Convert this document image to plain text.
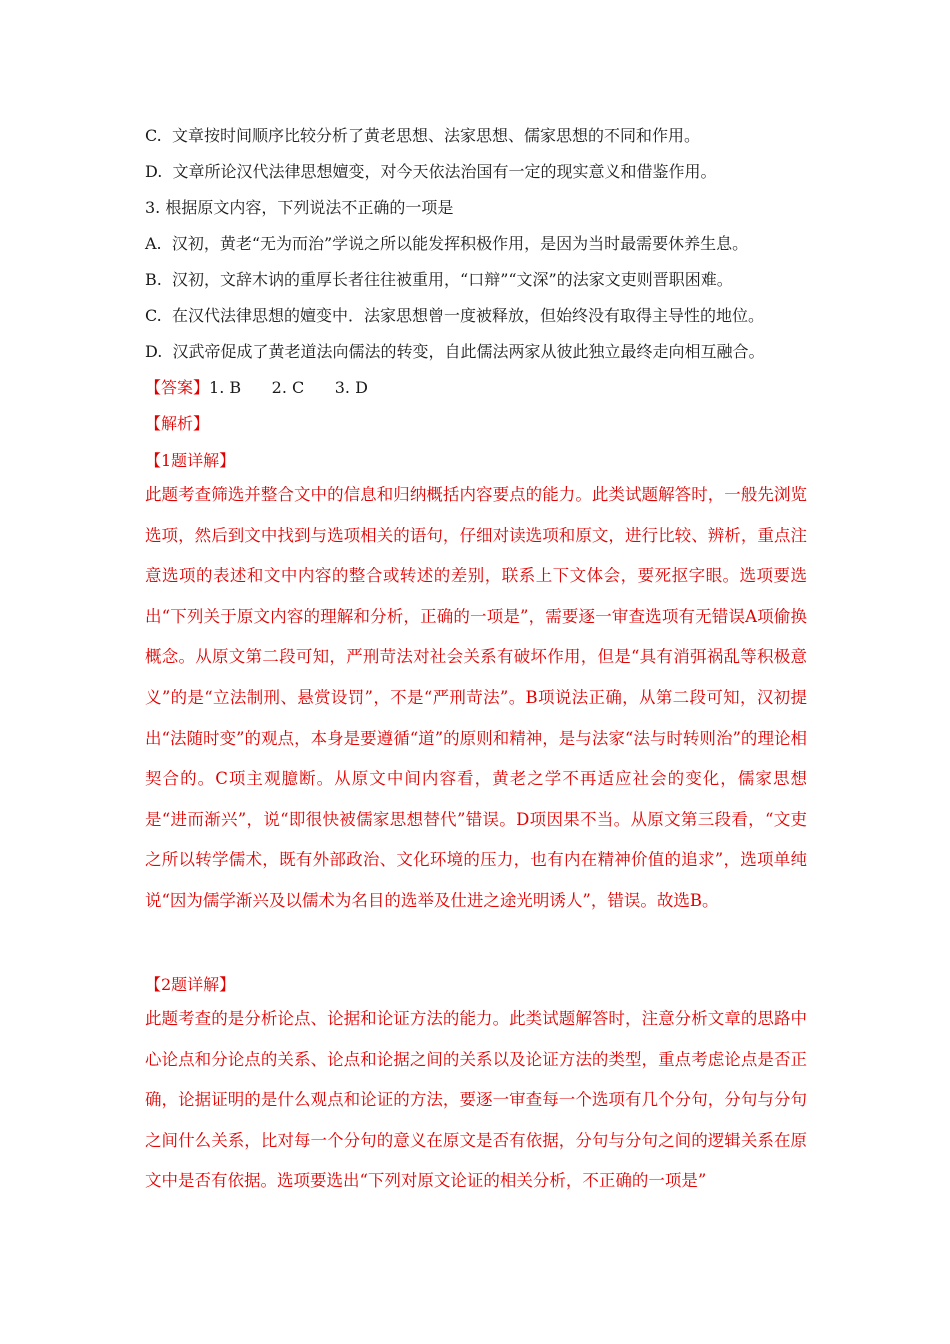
C. 文章按时间顺序比较分析了黄老思想、法家思想、儒家思想的不同和作用。
D. 文章所论汉代法律思想嬗变，对今天依法治国有一定的现实意义和借鉴作用。
3. 根据原文内容，下列说法不正确的一项是
A. 汉初，黄老“无为而治”学说之所以能发挥积极作用，是因为当时最需要休养生息。
B. 汉初，文辞木讷的重厚长者往往被重用，“口辩”“文深”的法家文吏则晋职困难。
C. 在汉代法律思想的嬗变中．法家思想曾一度被释放，但始终没有取得主导性的地位。
D. 汉武帝促成了黄老道法向儒法的转变，自此儒法两家从彼此独立最终走向相互融合。
【答案】1. B      2. C      3. D
【解析】
【1题详解】
此题考查筛选并整合文中的信息和归纳概括内容要点的能力。此类试题解答时，一般先浏览选项，然后到文中找到与选项相关的语句，仔细对读选项和原文，进行比较、辨析，重点注意选项的表述和文中内容的整合或转述的差别，联系上下文体会，要死抠字眼。选项要选出“下列关于原文内容的理解和分析，正确的一项是”，需要逐一审查选项有无错误A项偷换概念。从原文第二段可知，严刑苛法对社会关系有破坏作用，但是“具有消弭祸乱等积极意义”的是“立法制刑、悬赏设罚”，不是“严刑苛法”。B项说法正确，从第二段可知，汉初提出“法随时变”的观点，本身是要遵循“道”的原则和精神，是与法家“法与时转则治”的理论相契合的。C项主观臆断。从原文中间内容看，黄老之学不再适应社会的变化，儒家思想是“进而渐兴”，说“即很快被儒家思想替代”错误。D项因果不当。从原文第三段看，“文吏之所以转学儒术，既有外部政治、文化环境的压力，也有内在精神价值的追求”，选项单纯说“因为儒学渐兴及以儒术为名目的选举及仕进之途光明诱人”，错误。故选B。
【2题详解】
此题考查的是分析论点、论据和论证方法的能力。此类试题解答时，注意分析文章的思路中心论点和分论点的关系、论点和论据之间的关系以及论证方法的类型，重点考虑论点是否正确，论据证明的是什么观点和论证的方法，要逐一审查每一个选项有几个分句，分句与分句之间什么关系，比对每一个分句的意义在原文是否有依据，分句与分句之间的逻辑关系在原文中是否有依据。选项要选出“下列对原文论证的相关分析，不正确的一项是”
